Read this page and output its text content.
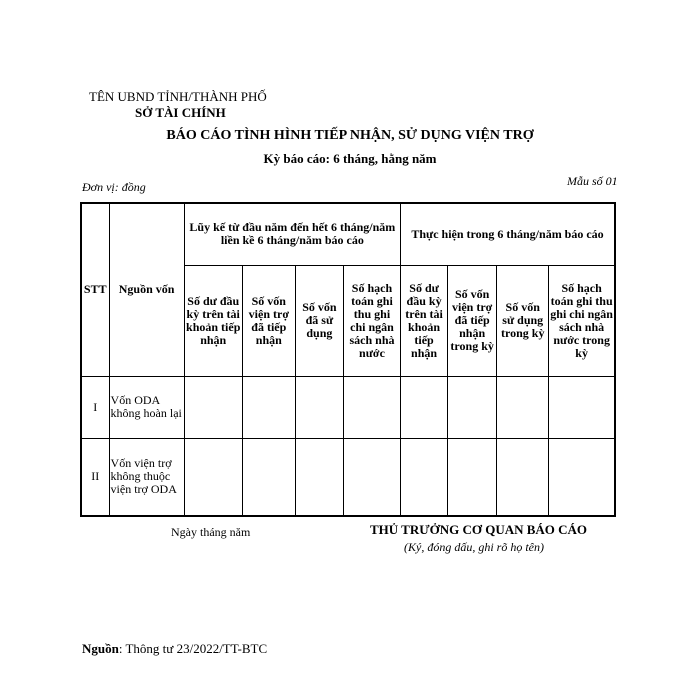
TÊN UBND TỈNH/THÀNH PHỐ
SỞ TÀI CHÍNH
BÁO CÁO TÌNH HÌNH TIẾP NHẬN, SỬ DỤNG VIỆN TRỢ
Kỳ báo cáo: 6 tháng, hằng năm
Đơn vị: đồng	Mẫu số 01
STT	Nguồn vốn	Lũy kế từ đầu năm đến hết 6 tháng/năm liền kề 6 tháng/năm báo cáo				Thực hiện trong 6 tháng/năm báo cáo			
		Số dư đầu kỳ trên tài khoản tiếp nhận	Số vốn viện trợ đã tiếp nhận	Số vốn đã sử dụng	Số hạch toán ghi thu ghi chi ngân sách nhà nước	Số dư đầu kỳ trên tài khoản tiếp nhận	Số vốn viện trợ đã tiếp nhận trong kỳ	Số vốn sử dụng trong kỳ	Số hạch toán ghi thu ghi chi ngân sách nhà nước trong kỳ
I	Vốn ODA không hoàn lại								
II	Vốn viện trợ không thuộc viện trợ ODA								
Ngày tháng năm	THỦ TRƯỞNG CƠ QUAN BÁO CÁO
(Ký, đóng dấu, ghi rõ họ tên)
Nguồn: Thông tư 23/2022/TT-BTC
